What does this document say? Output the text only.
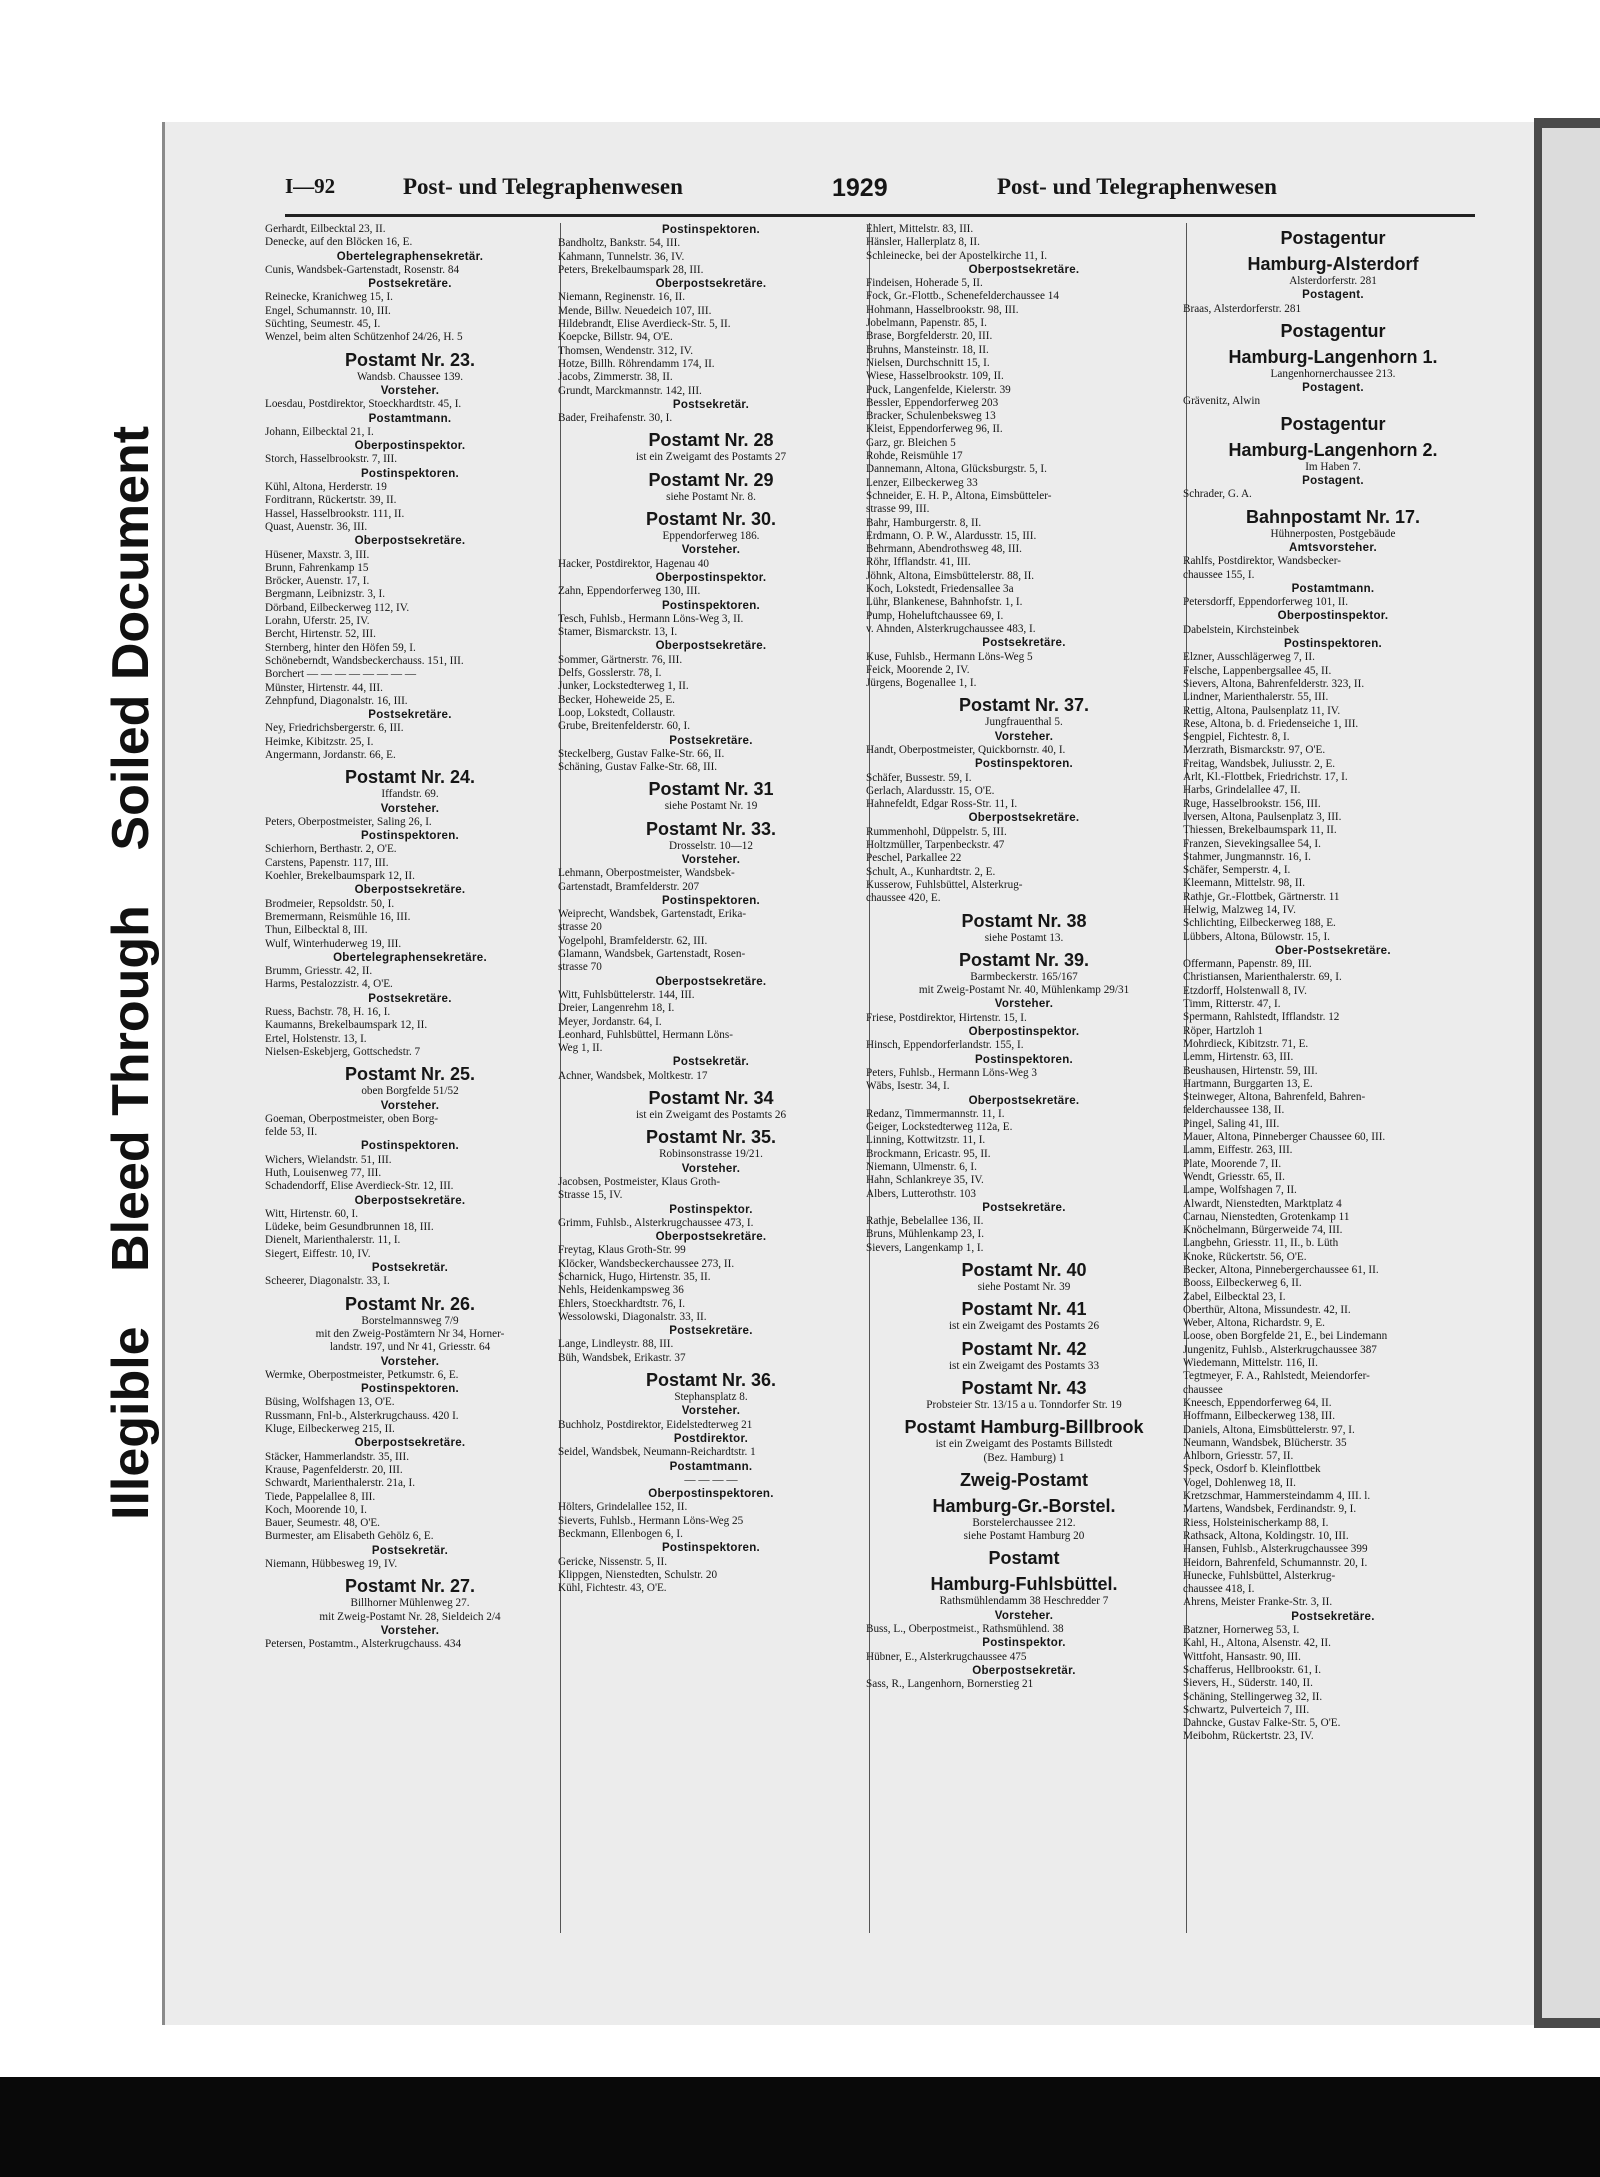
Illegible Bleed Through Soiled Document
I—92	Post- und Telegraphenwesen	1929	Post- und Telegraphenwesen
Gerhardt, Eilbecktal 23, II.
Denecke, auf den Blöcken 16, E.
Obertelegraphensekretär.
Cunis, Wandsbek-Gartenstadt, Rosenstr. 84
Postsekretäre.
Reinecke, Kranichweg 15, I.
Engel, Schumannstr. 10, III.
Süchting, Seumestr. 45, I.
Wenzel, beim alten Schützenhof 24/26, H. 5
Postamt Nr. 23.
Wandsb. Chaussee 139.
Vorsteher.
Loesdau, Postdirektor, Stoeckhardtstr. 45, I.
Postamtmann.
Johann, Eilbecktal 21, I.
Oberpostinspektor.
Storch, Hasselbrookstr. 7, III.
Postinspektoren.
Kühl, Altona, Herderstr. 19
Forditrann, Rückertstr. 39, II.
Hassel, Hasselbrookstr. 111, II.
Quast, Auenstr. 36, III.
Oberpostsekretäre.
Hüsener, Maxstr. 3, III.
Brunn, Fahrenkamp 15
Bröcker, Auenstr. 17, I.
Bergmann, Leibnizstr. 3, I.
Dörband, Eilbeckerweg 112, IV.
Lorahn, Uferstr. 25, IV.
Bercht, Hirtenstr. 52, III.
Sternberg, hinter den Höfen 59, I.
Schöneberndt, Wandsbeckerchauss. 151, III.
Borchert — — — — — — — —
Münster, Hirtenstr. 44, III.
Zehnpfund, Diagonalstr. 16, III.
Postsekretäre.
Ney, Friedrichsbergerstr. 6, III.
Heimke, Kibitzstr. 25, I.
Angermann, Jordanstr. 66, E.
Postamt Nr. 24.
Iffandstr. 69.
Vorsteher.
Peters, Oberpostmeister, Saling 26, I.
Postinspektoren.
Schierhorn, Berthastr. 2, O'E.
Carstens, Papenstr. 117, III.
Koehler, Brekelbaumspark 12, II.
Oberpostsekretäre.
Brodmeier, Repsoldstr. 50, I.
Bremermann, Reismühle 16, III.
Thun, Eilbecktal 8, III.
Wulf, Winterhuderweg 19, III.
Obertelegraphensekretäre.
Brumm, Griesstr. 42, II.
Harms, Pestalozzistr. 4, O'E.
Postsekretäre.
Ruess, Bachstr. 78, H. 16, I.
Kaumanns, Brekelbaumspark 12, II.
Ertel, Holstenstr. 13, I.
Nielsen-Eskebjerg, Gottschedstr. 7
Postamt Nr. 25.
oben Borgfelde 51/52
Vorsteher.
Goeman, Oberpostmeister, oben Borg-
felde 53, II.
Postinspektoren.
Wichers, Wielandstr. 51, III.
Huth, Louisenweg 77, III.
Schadendorff, Elise Averdieck-Str. 12, III.
Oberpostsekretäre.
Witt, Hirtenstr. 60, I.
Lüdeke, beim Gesundbrunnen 18, III.
Dienelt, Marienthalerstr. 11, I.
Siegert, Eiffestr. 10, IV.
Postsekretär.
Scheerer, Diagonalstr. 33, I.
Postamt Nr. 26.
Borstelmannsweg 7/9
mit den Zweig-Postämtern Nr 34, Horner-
landstr. 197, und Nr 41, Griesstr. 64
Vorsteher.
Wermke, Oberpostmeister, Petkumstr. 6, E.
Postinspektoren.
Büsing, Wolfshagen 13, O'E.
Russmann, Fnl-b., Alsterkrugchauss. 420 I.
Kluge, Eilbeckerweg 215, II.
Oberpostsekretäre.
Stäcker, Hammerlandstr. 35, III.
Krause, Pagenfelderstr. 20, III.
Schwardt, Marienthalerstr. 21a, I.
Tiede, Pappelallee 8, III.
Koch, Moorende 10, I.
Bauer, Seumestr. 48, O'E.
Burmester, am Elisabeth Gehölz 6, E.
Postsekretär.
Niemann, Hübbesweg 19, IV.
Postamt Nr. 27.
Billhorner Mühlenweg 27.
mit Zweig-Postamt Nr. 28, Sieldeich 2/4
Vorsteher.
Petersen, Postamtm., Alsterkrugchauss. 434
Postinspektoren.
Bandholtz, Bankstr. 54, III.
Kahmann, Tunnelstr. 36, IV.
Peters, Brekelbaumspark 28, III.
Oberpostsekretäre.
Niemann, Reginenstr. 16, II.
Mende, Billw. Neuedeich 107, III.
Hildebrandt, Elise Averdieck-Str. 5, II.
Koepcke, Billstr. 94, O'E.
Thomsen, Wendenstr. 312, IV.
Hotze, Billh. Röhrendamm 174, II.
Jacobs, Zimmerstr. 38, II.
Grundt, Marckmannstr. 142, III.
Postsekretär.
Bader, Freihafenstr. 30, I.
Postamt Nr. 28
ist ein Zweigamt des Postamts 27
Postamt Nr. 29
siehe Postamt Nr. 8.
Postamt Nr. 30.
Eppendorferweg 186.
Vorsteher.
Hacker, Postdirektor, Hagenau 40
Oberpostinspektor.
Zahn, Eppendorferweg 130, III.
Postinspektoren.
Tesch, Fuhlsb., Hermann Löns-Weg 3, II.
Stamer, Bismarckstr. 13, I.
Oberpostsekretäre.
Sommer, Gärtnerstr. 76, III.
Delfs, Gosslerstr. 78, I.
Junker, Lockstedterweg 1, II.
Becker, Hoheweide 25, E.
Loop, Lokstedt, Collaustr.
Grube, Breitenfelderstr. 60, I.
Postsekretäre.
Steckelberg, Gustav Falke-Str. 66, II.
Schäning, Gustav Falke-Str. 68, III.
Postamt Nr. 31
siehe Postamt Nr. 19
Postamt Nr. 33.
Drosselstr. 10—12
Vorsteher.
Lehmann, Oberpostmeister, Wandsbek-
Gartenstadt, Bramfelderstr. 207
Postinspektoren.
Weiprecht, Wandsbek, Gartenstadt, Erika-
strasse 20
Vogelpohl, Bramfelderstr. 62, III.
Glamann, Wandsbek, Gartenstadt, Rosen-
strasse 70
Oberpostsekretäre.
Witt, Fuhlsbüttelerstr. 144, III.
Dreier, Langenrehm 18, I.
Meyer, Jordanstr. 64, I.
Leonhard, Fuhlsbüttel, Hermann Löns-
Weg 1, II.
Postsekretär.
Achner, Wandsbek, Moltkestr. 17
Postamt Nr. 34
ist ein Zweigamt des Postamts 26
Postamt Nr. 35.
Robinsonstrasse 19/21.
Vorsteher.
Jacobsen, Postmeister, Klaus Groth-
Strasse 15, IV.
Postinspektor.
Grimm, Fuhlsb., Alsterkrugchaussee 473, I.
Oberpostsekretäre.
Freytag, Klaus Groth-Str. 99
Klöcker, Wandsbeckerchaussee 273, II.
Scharnick, Hugo, Hirtenstr. 35, II.
Nehls, Heidenkampsweg 36
Ehlers, Stoeckhardtstr. 76, I.
Wessolowski, Diagonalstr. 33, II.
Postsekretäre.
Lange, Lindleystr. 88, III.
Büh, Wandsbek, Erikastr. 37
Postamt Nr. 36.
Stephansplatz 8.
Vorsteher.
Buchholz, Postdirektor, Eidelstedterweg 21
Postdirektor.
Seidel, Wandsbek, Neumann-Reichardtstr. 1
Postamtmann.
— — — —
Oberpostinspektoren.
Hölters, Grindelallee 152, II.
Sieverts, Fuhlsb., Hermann Löns-Weg 25
Beckmann, Ellenbogen 6, I.
Postinspektoren.
Gericke, Nissenstr. 5, II.
Klippgen, Nienstedten, Schulstr. 20
Kühl, Fichtestr. 43, O'E.
Ehlert, Mittelstr. 83, III.
Hänsler, Hallerplatz 8, II.
Schleinecke, bei der Apostelkirche 11, I.
Oberpostsekretäre.
Findeisen, Hoherade 5, II.
Fock, Gr.-Flottb., Schenefelderchaussee 14
Hohmann, Hasselbrookstr. 98, III.
Jobelmann, Papenstr. 85, I.
Brase, Borgfelderstr. 20, III.
Bruhns, Mansteinstr. 18, II.
Nielsen, Durchschnitt 15, I.
Wiese, Hasselbrookstr. 109, II.
Puck, Langenfelde, Kielerstr. 39
Bessler, Eppendorferweg 203
Bracker, Schulenbeksweg 13
Kleist, Eppendorferweg 96, II.
Garz, gr. Bleichen 5
Rohde, Reismühle 17
Dannemann, Altona, Glücksburgstr. 5, I.
Lenzer, Eilbeckerweg 33
Schneider, E. H. P., Altona, Eimsbütteler-
strasse 99, III.
Bahr, Hamburgerstr. 8, II.
Erdmann, O. P. W., Alardusstr. 15, III.
Behrmann, Abendrothsweg 48, III.
Röhr, Ifflandstr. 41, III.
Jöhnk, Altona, Eimsbüttelerstr. 88, II.
Koch, Lokstedt, Friedensallee 3a
Lühr, Blankenese, Bahnhofstr. 1, I.
Pump, Hoheluftchaussee 69, I.
v. Ahnden, Alsterkrugchaussee 483, I.
Postsekretäre.
Kuse, Fuhlsb., Hermann Löns-Weg 5
Feick, Moorende 2, IV.
Jürgens, Bogenallee 1, I.
Postamt Nr. 37.
Jungfrauenthal 5.
Vorsteher.
Handt, Oberpostmeister, Quickbornstr. 40, I.
Postinspektoren.
Schäfer, Bussestr. 59, I.
Gerlach, Alardusstr. 15, O'E.
Hahnefeldt, Edgar Ross-Str. 11, I.
Oberpostsekretäre.
Rummenhohl, Düppelstr. 5, III.
Holtzmüller, Tarpenbeckstr. 47
Peschel, Parkallee 22
Schult, A., Kunhardtstr. 2, E.
Kusserow, Fuhlsbüttel, Alsterkrug-
chaussee 420, E.
Postamt Nr. 38
siehe Postamt 13.
Postamt Nr. 39.
Barmbeckerstr. 165/167
mit Zweig-Postamt Nr. 40, Mühlenkamp 29/31
Vorsteher.
Friese, Postdirektor, Hirtenstr. 15, I.
Oberpostinspektor.
Hinsch, Eppendorferlandstr. 155, I.
Postinspektoren.
Peters, Fuhlsb., Hermann Löns-Weg 3
Wäbs, Isestr. 34, I.
Oberpostsekretäre.
Redanz, Timmermannstr. 11, I.
Geiger, Lockstedterweg 112a, E.
Linning, Kottwitzstr. 11, I.
Brockmann, Ericastr. 95, II.
Niemann, Ulmenstr. 6, I.
Hahn, Schlankreye 35, IV.
Albers, Lutterothstr. 103
Postsekretäre.
Rathje, Bebelallee 136, II.
Bruns, Mühlenkamp 23, I.
Sievers, Langenkamp 1, I.
Postamt Nr. 40
siehe Postamt Nr. 39
Postamt Nr. 41
ist ein Zweigamt des Postamts 26
Postamt Nr. 42
ist ein Zweigamt des Postamts 33
Postamt Nr. 43
Probsteier Str. 13/15 a u. Tonndorfer Str. 19
Postamt Hamburg-Billbrook
ist ein Zweigamt des Postamts Billstedt
(Bez. Hamburg) 1
Zweig-Postamt
Hamburg-Gr.-Borstel.
Borstelerchaussee 212.
siehe Postamt Hamburg 20
Postamt
Hamburg-Fuhlsbüttel.
Rathsmühlendamm 38 Heschredder 7
Vorsteher.
Buss, L., Oberpostmeist., Rathsmühlend. 38
Postinspektor.
Hübner, E., Alsterkrugchaussee 475
Oberpostsekretär.
Sass, R., Langenhorn, Bornerstieg 21
Postagentur
Hamburg-Alsterdorf
Alsterdorferstr. 281
Postagent.
Braas, Alsterdorferstr. 281
Postagentur
Hamburg-Langenhorn 1.
Langenhornerchaussee 213.
Postagent.
Grävenitz, Alwin
Postagentur
Hamburg-Langenhorn 2.
Im Haben 7.
Postagent.
Schrader, G. A.
Bahnpostamt Nr. 17.
Hühnerposten, Postgebäude
Amtsvorsteher.
Rahlfs, Postdirektor, Wandsbecker-
chaussee 155, I.
Postamtmann.
Petersdorff, Eppendorferweg 101, II.
Oberpostinspektor.
Dabelstein, Kirchsteinbek
Postinspektoren.
Elzner, Ausschlägerweg 7, II.
Felsche, Lappenbergsallee 45, II.
Sievers, Altona, Bahrenfelderstr. 323, II.
Lindner, Marienthalerstr. 55, III.
Rettig, Altona, Paulsenplatz 11, IV.
Rese, Altona, b. d. Friedenseiche 1, III.
Sengpiel, Fichtestr. 8, I.
Merzrath, Bismarckstr. 97, O'E.
Freitag, Wandsbek, Juliusstr. 2, E.
Arlt, Kl.-Flottbek, Friedrichstr. 17, I.
Harbs, Grindelallee 47, II.
Ruge, Hasselbrookstr. 156, III.
Iversen, Altona, Paulsenplatz 3, III.
Thiessen, Brekelbaumspark 11, II.
Franzen, Sievekingsallee 54, I.
Stahmer, Jungmannstr. 16, I.
Schäfer, Semperstr. 4, I.
Kleemann, Mittelstr. 98, II.
Rathje, Gr.-Flottbek, Gärtnerstr. 11
Helwig, Malzweg 14, IV.
Schlichting, Eilbeckerweg 188, E.
Lübbers, Altona, Bülowstr. 15, I.
Ober-Postsekretäre.
Offermann, Papenstr. 89, III.
Christiansen, Marienthalerstr. 69, I.
Etzdorff, Holstenwall 8, IV.
Timm, Ritterstr. 47, I.
Spermann, Rahlstedt, Ifflandstr. 12
Röper, Hartzloh 1
Mohrdieck, Kibitzstr. 71, E.
Lemm, Hirtenstr. 63, III.
Beushausen, Hirtenstr. 59, III.
Hartmann, Burggarten 13, E.
Steinweger, Altona, Bahrenfeld, Bahren-
felderchaussee 138, II.
Pingel, Saling 41, III.
Mauer, Altona, Pinneberger Chaussee 60, III.
Lamm, Eiffestr. 263, III.
Plate, Moorende 7, II.
Wendt, Griesstr. 65, II.
Lampe, Wolfshagen 7, II.
Alwardt, Nienstedten, Marktplatz 4
Carnau, Nienstedten, Grotenkamp 11
Knöchelmann, Bürgerweide 74, III.
Langbehn, Griesstr. 11, II., b. Lüth
Knoke, Rückertstr. 56, O'E.
Becker, Altona, Pinnebergerchaussee 61, II.
Booss, Eilbeckerweg 6, II.
Zabel, Eilbecktal 23, I.
Oberthür, Altona, Missundestr. 42, II.
Weber, Altona, Richardstr. 9, E.
Loose, oben Borgfelde 21, E., bei Lindemann
Jungenitz, Fuhlsb., Alsterkrugchaussee 387
Wiedemann, Mittelstr. 116, II.
Tegtmeyer, F. A., Rahlstedt, Meiendorfer-
chaussee
Kneesch, Eppendorferweg 64, II.
Hoffmann, Eilbeckerweg 138, III.
Daniels, Altona, Eimsbüttelerstr. 97, I.
Neumann, Wandsbek, Blücherstr. 35
Ahlborn, Griesstr. 57, II.
Speck, Osdorf b. Kleinflottbek
Vogel, Dohlenweg 18, II.
Kretzschmar, Hammersteindamm 4, III. l.
Martens, Wandsbek, Ferdinandstr. 9, I.
Riess, Holsteinischerkamp 88, I.
Rathsack, Altona, Koldingstr. 10, III.
Hansen, Fuhlsb., Alsterkrugchaussee 399
Heidorn, Bahrenfeld, Schumannstr. 20, I.
Hunecke, Fuhlsbüttel, Alsterkrug-
chaussee 418, I.
Ahrens, Meister Franke-Str. 3, II.
Postsekretäre.
Batzner, Hornerweg 53, I.
Kahl, H., Altona, Alsenstr. 42, II.
Wittfoht, Hansastr. 90, III.
Schafferus, Hellbrookstr. 61, I.
Sievers, H., Süderstr. 140, II.
Schäning, Stellingerweg 32, II.
Schwartz, Pulverteich 7, III.
Dahncke, Gustav Falke-Str. 5, O'E.
Meibohm, Rückertstr. 23, IV.
